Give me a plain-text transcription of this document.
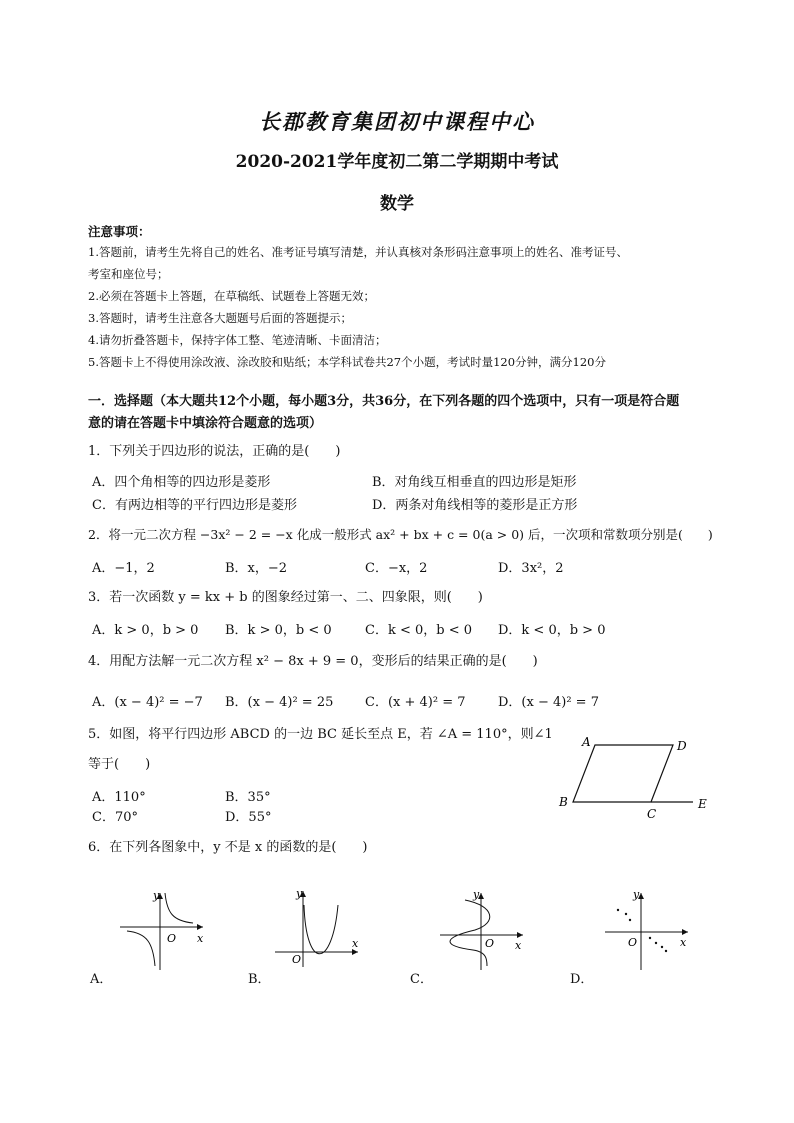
长郡教育集团初中课程中心
2020-2021学年度初二第二学期期中考试
数学
注意事项：
1.答题前，请考生先将自己的姓名、准考证号填写清楚，并认真核对条形码注意事项上的姓名、准考证号、
考室和座位号；
2.必须在答题卡上答题，在草稿纸、试题卷上答题无效；
3.答题时，请考生注意各大题题号后面的答题提示；
4.请勿折叠答题卡，保持字体工整、笔迹清晰、卡面清洁；
5.答题卡上不得使用涂改液、涂改胶和贴纸；本学科试卷共27个小题，考试时量120分钟，满分120分
一．选择题（本大题共12个小题，每小题3分，共36分，在下列各题的四个选项中，只有一项是符合题
意的请在答题卡中填涂符合题意的选项）
1．下列关于四边形的说法，正确的是(　　)
A．四个角相等的四边形是菱形	B．对角线互相垂直的四边形是矩形
C．有两边相等的平行四边形是菱形	D．两条对角线相等的菱形是正方形
2．将一元二次方程 −3x² − 2 = −x 化成一般形式 ax² + bx + c = 0(a > 0) 后，一次项和常数项分别是(　　)
A．−1，2	B．x，−2	C．−x，2	D．3x²，2
3．若一次函数 y = kx + b 的图象经过第一、二、四象限，则(　　)
A．k > 0，b > 0 B．k > 0，b < 0	C．k < 0，b < 0 D．k < 0，b > 0
4．用配方法解一元二次方程 x² − 8x + 9 = 0，变形后的结果正确的是(　　)
A．(x − 4)² = −7 B．(x − 4)² = 25 C．(x + 4)² = 7	D．(x − 4)² = 7
5．如图，将平行四边形 ABCD 的一边 BC 延长至点 E，若 ∠A = 110°，则∠1
等于(　　)
A．110°	B．35°
C．70°	D．55°
A	D
B
C
E
6．在下列各图象中，y 不是 x 的函数的是(　　)
y
x
O
A．
y
x
O
B．
y
x
O
C．
y
x
O
D．
